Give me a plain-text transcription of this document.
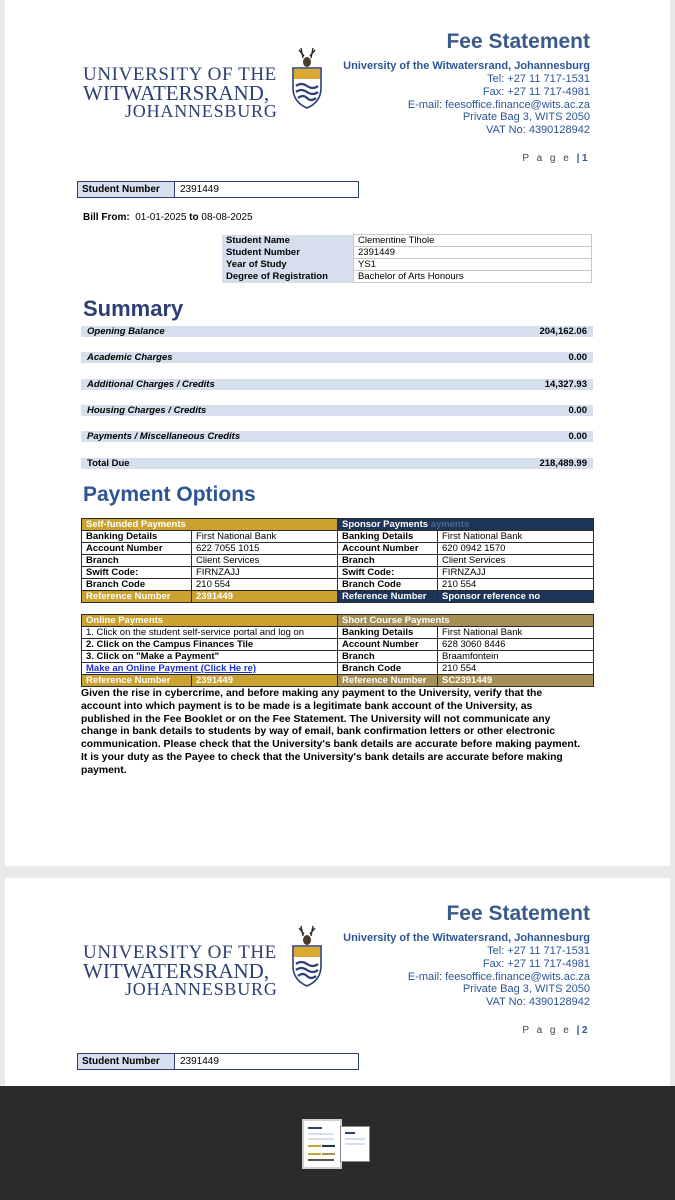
UNIVERSITY OF THE
WITWATERSRAND,
JOHANNESBURG
Fee Statement
University of the Witwatersrand, Johannesburg
Tel: +27 11 717-1531
Fax: +27 11 717-4981
E-mail: feesoffice.finance@wits.ac.za
Private Bag 3, WITS 2050
VAT No: 4390128942
P a g e |1
Student Number	2391449
Bill From: 01-01-2025 to 08-08-2025
Student Name	Clementine Tlhole
Student Number	2391449
Year of Study	YS1
Degree of Registration	Bachelor of Arts Honours
Summary
Opening Balance	204,162.06
Academic Charges	0.00
Additional Charges / Credits	14,327.93
Housing Charges / Credits	0.00
Payments / Miscellaneous Credits	0.00
Total Due	218,489.99
Payment Options
Self-funded Payments		Sponsor Payments ayments	
Banking Details	First National Bank	Banking Details	First National Bank
Account Number	622 7055 1015	Account Number	620 0942 1570
Branch	Client Services	Branch	Client Services
Swift Code:	FIRNZAJJ	Swift Code:	FIRNZAJJ
Branch Code	210 554	Branch Code	210 554
Reference Number	2391449	Reference Number	Sponsor reference no
Online Payments		Short Course Payments	
1. Click on the student self-service portal and log on		Banking Details	First National Bank
2. Click on the Campus Finances Tile		Account Number	628 3060 8446
3. Click on "Make a Payment"		Branch	Braamfontein
Make an Online Payment (Click He re)		Branch Code	210 554
Reference Number	2391449	Reference Number	SC2391449
Given the rise in cybercrime, and before making any payment to the University, verify that the account into which payment is to be made is a legitimate bank account of the University, as published in the Fee Booklet or on the Fee Statement. The University will not communicate any change in bank details to students by way of email, bank confirmation letters or other electronic communication. Please check that the University's bank details are accurate before making payment. It is your duty as the Payee to check that the University's bank details are accurate before making payment.
UNIVERSITY OF THE
WITWATERSRAND,
JOHANNESBURG
Fee Statement
University of the Witwatersrand, Johannesburg
Tel: +27 11 717-1531
Fax: +27 11 717-4981
E-mail: feesoffice.finance@wits.ac.za
Private Bag 3, WITS 2050
VAT No: 4390128942
P a g e |2
Student Number	2391449
